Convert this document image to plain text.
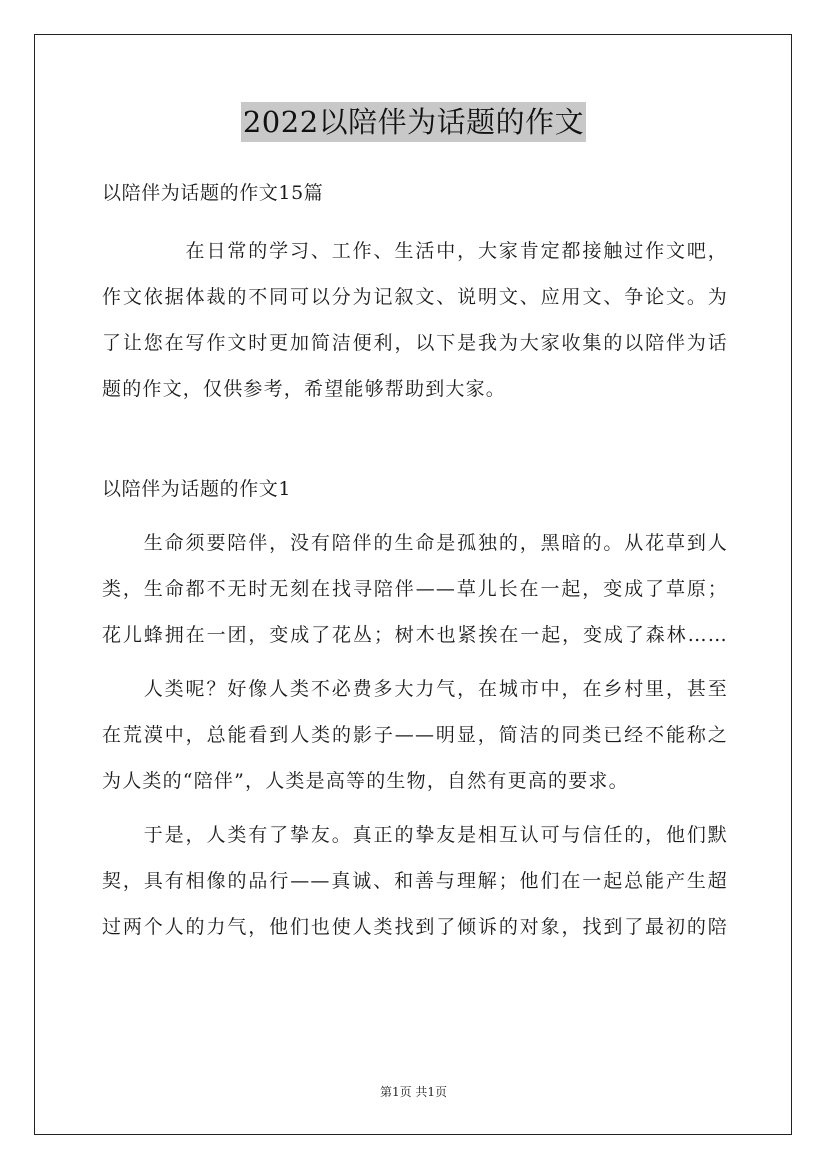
2022以陪伴为话题的作文
以陪伴为话题的作文15篇
　　　　在日常的学习、工作、生活中，大家肯定都接触过作文吧，
作文依据体裁的不同可以分为记叙文、说明文、应用文、争论文。为
了让您在写作文时更加简洁便利，以下是我为大家收集的以陪伴为话
题的作文，仅供参考，希望能够帮助到大家。
以陪伴为话题的作文1
　　生命须要陪伴，没有陪伴的生命是孤独的，黑暗的。从花草到人
类，生命都不无时无刻在找寻陪伴——草儿长在一起，变成了草原；
花儿蜂拥在一团，变成了花丛；树木也紧挨在一起，变成了森林……
　　人类呢？好像人类不必费多大力气，在城市中，在乡村里，甚至
在荒漠中，总能看到人类的影子——明显，简洁的同类已经不能称之
为人类的“陪伴”，人类是高等的生物，自然有更高的要求。
　　于是，人类有了挚友。真正的挚友是相互认可与信任的，他们默
契，具有相像的品行——真诚、和善与理解；他们在一起总能产生超
过两个人的力气，他们也使人类找到了倾诉的对象，找到了最初的陪
第1页 共1页
